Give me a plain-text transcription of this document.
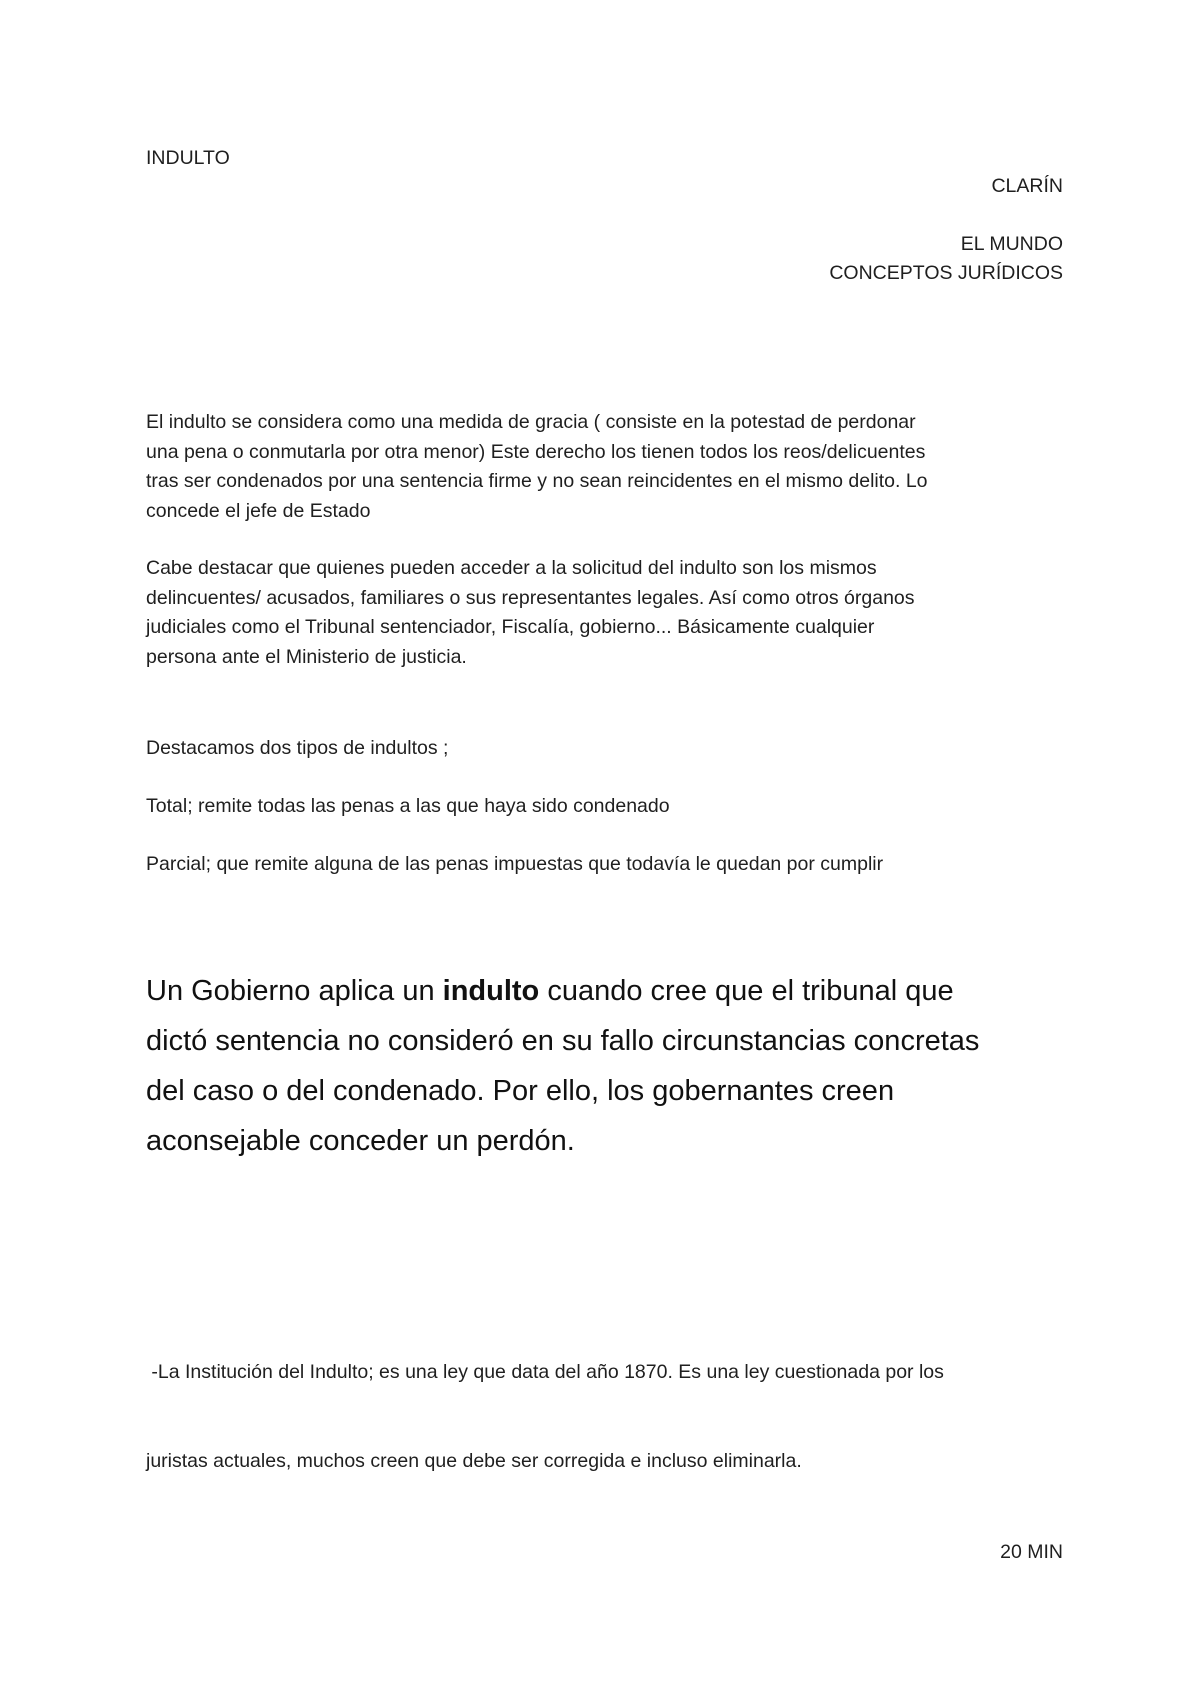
INDULTO

CLARÍN

EL MUNDO

CONCEPTOS JURÍDICOS

El indulto se considera como una medida de gracia ( consiste en la potestad de perdonar
una pena o conmutarla por otra menor) Este derecho los tienen todos los reos/delicuentes
tras ser condenados por una sentencia firme y no sean reincidentes en el mismo delito. Lo
concede el jefe de Estado
Cabe destacar que quienes pueden acceder a la solicitud del indulto son los mismos
delincuentes/ acusados, familiares o sus representantes legales. Así como otros órganos
judiciales como el Tribunal sentenciador, Fiscalía, gobierno... Básicamente cualquier
persona ante el Ministerio de justicia.

Destacamos dos tipos de indultos ;

Total; remite todas las penas a las que haya sido condenado

Parcial; que remite alguna de las penas impuestas que todavía le quedan por cumplir

Un Gobierno aplica un indulto cuando cree que el tribunal que
dictó sentencia no consideró en su fallo circunstancias concretas
del caso o del condenado. Por ello, los gobernantes creen
aconsejable conceder un perdón.

-La Institución del Indulto; es una ley que data del año 1870. Es una ley cuestionada por los

juristas actuales, muchos creen que debe ser corregida e incluso eliminarla.

20 MIN
